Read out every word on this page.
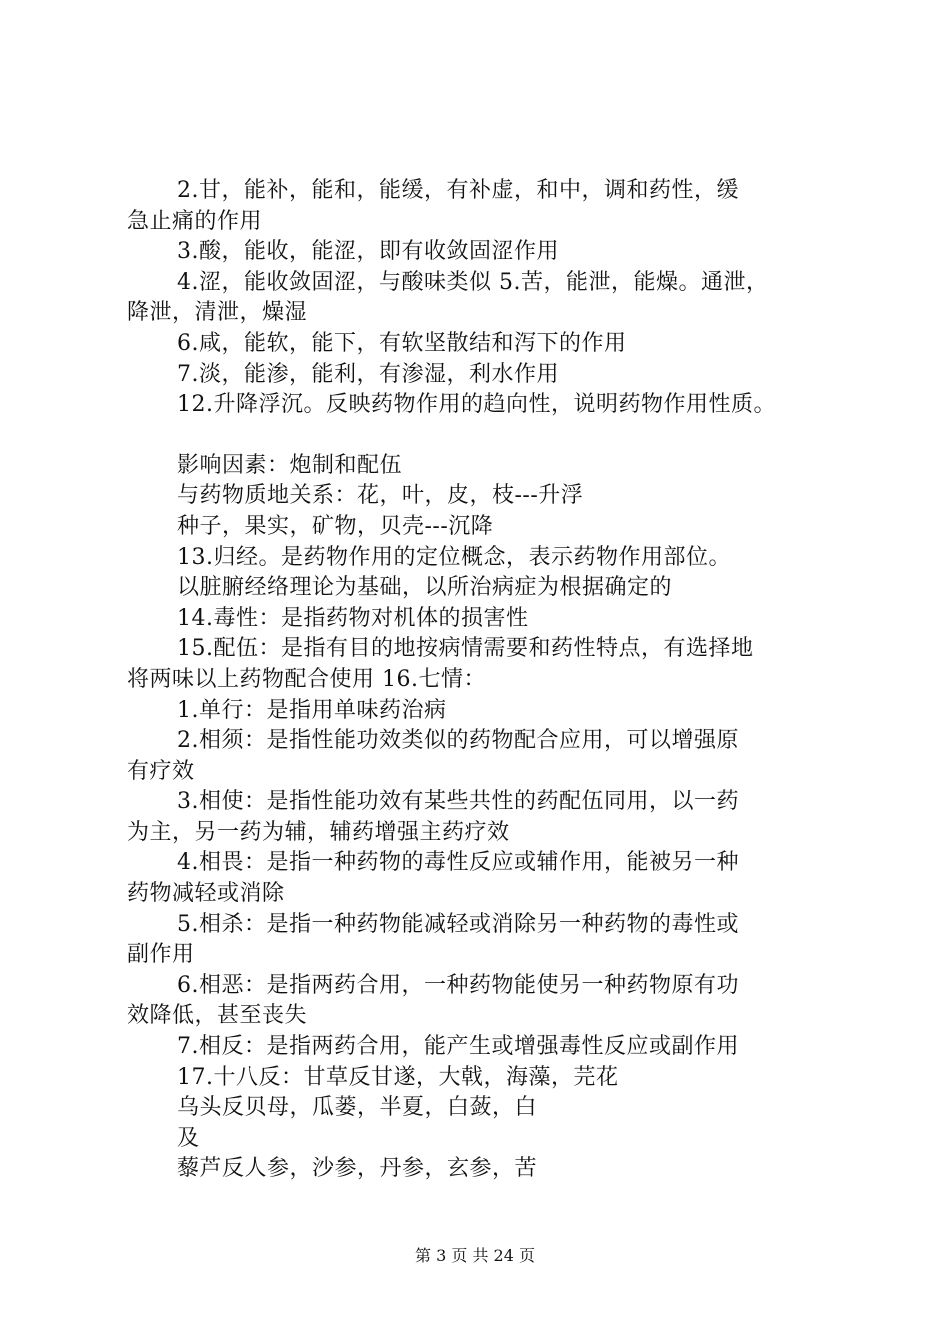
2.甘，能补，能和，能缓，有补虚，和中，调和药性，缓
急止痛的作用
3.酸，能收，能涩，即有收敛固涩作用
4.涩，能收敛固涩，与酸味类似 5.苦，能泄，能燥。通泄，
降泄，清泄，燥湿
6.咸，能软，能下，有软坚散结和泻下的作用
7.淡，能渗，能利，有渗湿，利水作用
12.升降浮沉。反映药物作用的趋向性，说明药物作用性质。
影响因素：炮制和配伍
与药物质地关系：花，叶，皮，枝---升浮
种子，果实，矿物，贝壳---沉降
13.归经。是药物作用的定位概念，表示药物作用部位。
以脏腑经络理论为基础，以所治病症为根据确定的
14.毒性：是指药物对机体的损害性
15.配伍：是指有目的地按病情需要和药性特点，有选择地
将两味以上药物配合使用 16.七情：
1.单行：是指用单味药治病
2.相须：是指性能功效类似的药物配合应用，可以增强原
有疗效
3.相使：是指性能功效有某些共性的药配伍同用，以一药
为主，另一药为辅，辅药增强主药疗效
4.相畏：是指一种药物的毒性反应或辅作用，能被另一种
药物减轻或消除
5.相杀：是指一种药物能减轻或消除另一种药物的毒性或
副作用
6.相恶：是指两药合用，一种药物能使另一种药物原有功
效降低，甚至丧失
7.相反：是指两药合用，能产生或增强毒性反应或副作用
17.十八反：甘草反甘遂，大戟，海藻，芫花
乌头反贝母，瓜蒌，半夏，白蔹，白
及
藜芦反人参，沙参，丹参，玄参，苦
第 3 页 共 24 页
